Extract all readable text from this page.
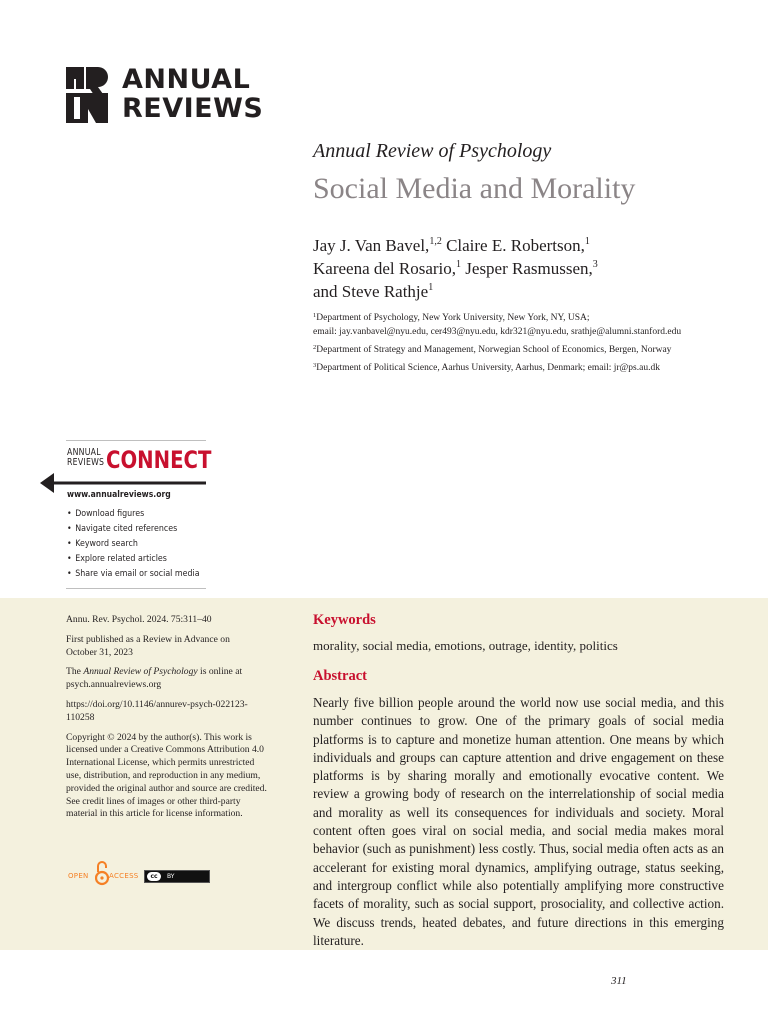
ANNUAL
REVIEWS
Annual Review of Psychology
Social Media and Morality
Jay J. Van Bavel,$^{1,2}$ Claire E. Robertson,$^1$
Kareena del Rosario,$^1$ Jesper Rasmussen,$^3$
and Steve Rathje$^1$
$^1$Department of Psychology, New York University, New York, NY, USA;
email: jay.vanbavel@nyu.edu, cer493@nyu.edu, kdr321@nyu.edu, srathje@alumni.stanford.edu
$^2$Department of Strategy and Management, Norwegian School of Economics, Bergen, Norway
$^3$Department of Political Science, Aarhus University, Aarhus, Denmark; email: jr@ps.au.dk
ANNUAL
REVIEWS CONNECT
www.annualreviews.org
• Download figures
• Navigate cited references
• Keyword search
• Explore related articles
• Share via email or social media

Annu. Rev. Psychol. 2024. 75:311–40

First published as a Review in Advance on
October 31, 2023

The Annual Review of Psychology is online at
psych.annualreviews.org

https://doi.org/10.1146/annurev-psych-022123-
110258

Copyright © 2024 by the author(s). This work is
licensed under a Creative Commons Attribution 4.0
International License, which permits unrestricted
use, distribution, and reproduction in any medium,
provided the original author and source are credited.
See credit lines of images or other third-party
material in this article for license information.

OPEN	ACCESS	cc	BY
Keywords
morality, social media, emotions, outrage, identity, politics
Abstract

Nearly five billion people around the world now use social media, and this number continues to grow. One of the primary goals of social media platforms is to capture and monetize human attention. One means by which individuals and groups can capture attention and drive engagement on these platforms is by sharing morally and emotionally evocative content. We review a growing body of research on the interrelationship of social media and morality as well its consequences for individuals and society. Moral content often goes viral on social media, and social media makes moral behavior (such as punishment) less costly. Thus, social media often acts as an accelerant for existing moral dynamics, amplifying outrage, status seeking, and intergroup conflict while also potentially amplifying more constructive facets of morality, such as social support, prosociality, and collective action. We discuss trends, heated debates, and future directions in this emerging literature.

311
